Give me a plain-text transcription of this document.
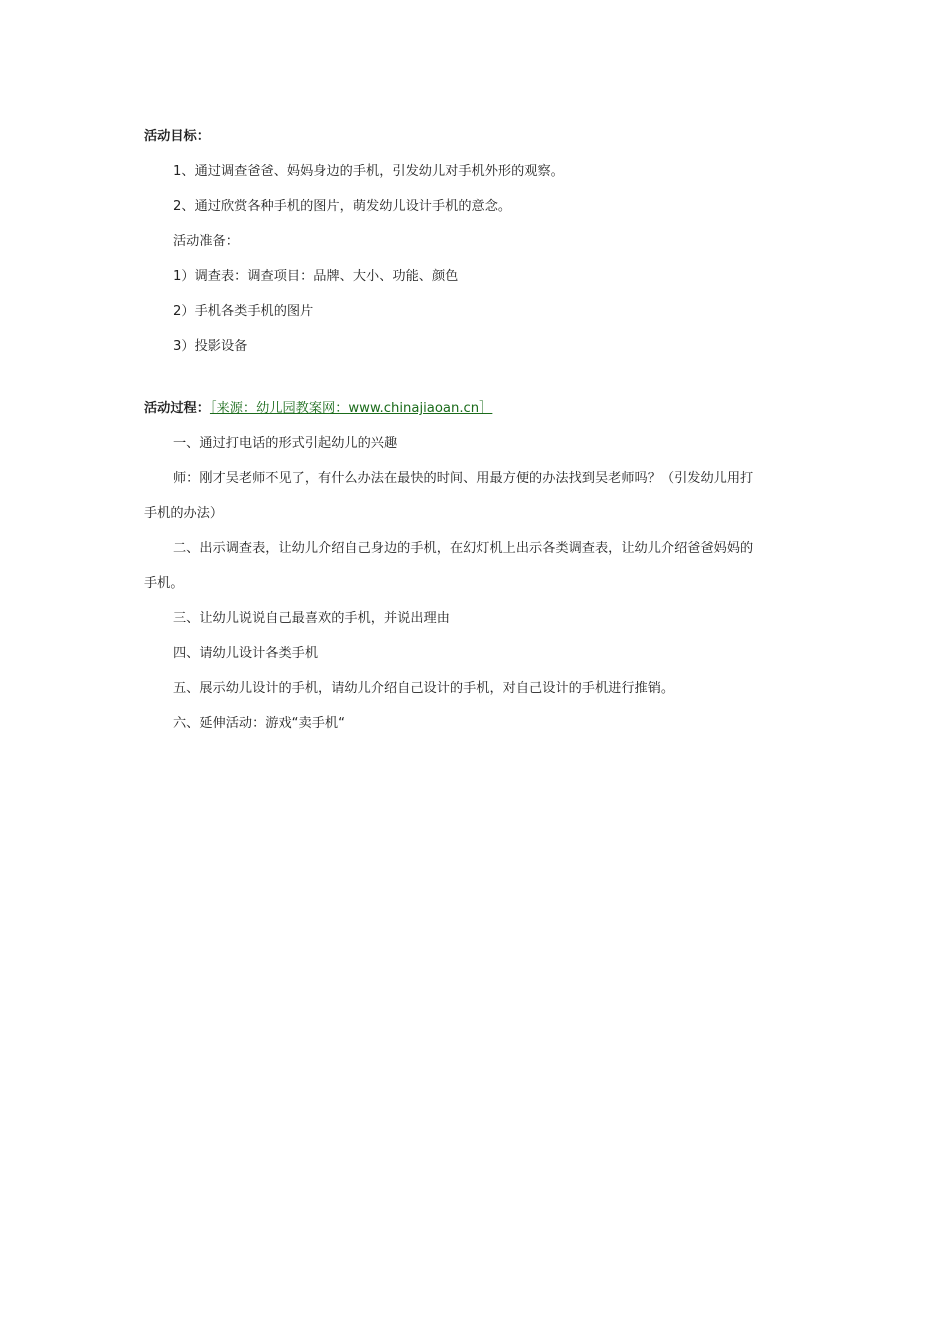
活动目标：
1、通过调查爸爸、妈妈身边的手机，引发幼儿对手机外形的观察。
2、通过欣赏各种手机的图片，萌发幼儿设计手机的意念。
活动准备：
1）调查表：调查项目：品牌、大小、功能、颜色
2）手机各类手机的图片
3）投影设备
活动过程：［来源：幼儿园教案网：www.chinajiaoan.cn］
一、通过打电话的形式引起幼儿的兴趣
师：刚才吴老师不见了，有什么办法在最快的时间、用最方便的办法找到吴老师吗？（引发幼儿用打
手机的办法）
二、出示调查表，让幼儿介绍自己身边的手机，在幻灯机上出示各类调查表，让幼儿介绍爸爸妈妈的
手机。
三、让幼儿说说自己最喜欢的手机，并说出理由
四、请幼儿设计各类手机
五、展示幼儿设计的手机，请幼儿介绍自己设计的手机，对自己设计的手机进行推销。
六、延伸活动：游戏“卖手机“
